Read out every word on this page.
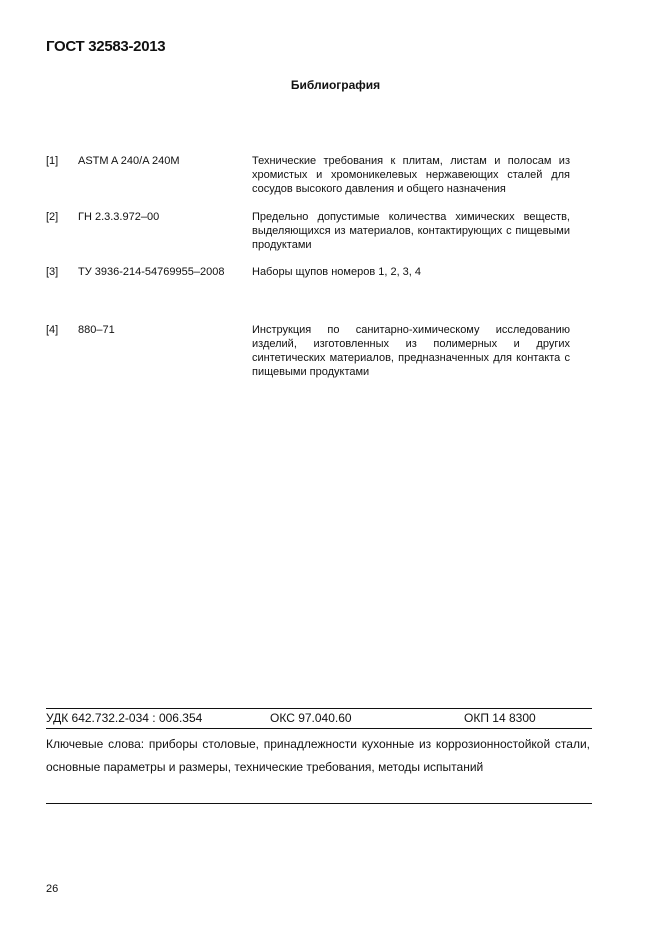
ГОСТ 32583-2013
Библиография
[1] ASTM A 240/A 240M	Технические требования к плитам, листам и полосам из хромистых и хромоникелевых нержавеющих сталей для сосудов высокого давления и общего назначения
[2] ГН 2.3.3.972–00	Предельно допустимые количества химических веществ, выделяющихся из материалов, контактирующих с пищевыми продуктами
[3] ТУ 3936-214-54769955–2008	Наборы щупов номеров 1, 2, 3, 4
[4] 880–71	Инструкция по санитарно-химическому исследованию изделий, изготовленных из полимерных и других синтетических материалов, предназначенных для контакта с пищевыми продуктами
УДК 642.732.2-034 : 006.354	ОКС 97.040.60	ОКП 14 8300
Ключевые слова: приборы столовые, принадлежности кухонные из коррозионностойкой стали, основные параметры и размеры, технические требования, методы испытаний
26
